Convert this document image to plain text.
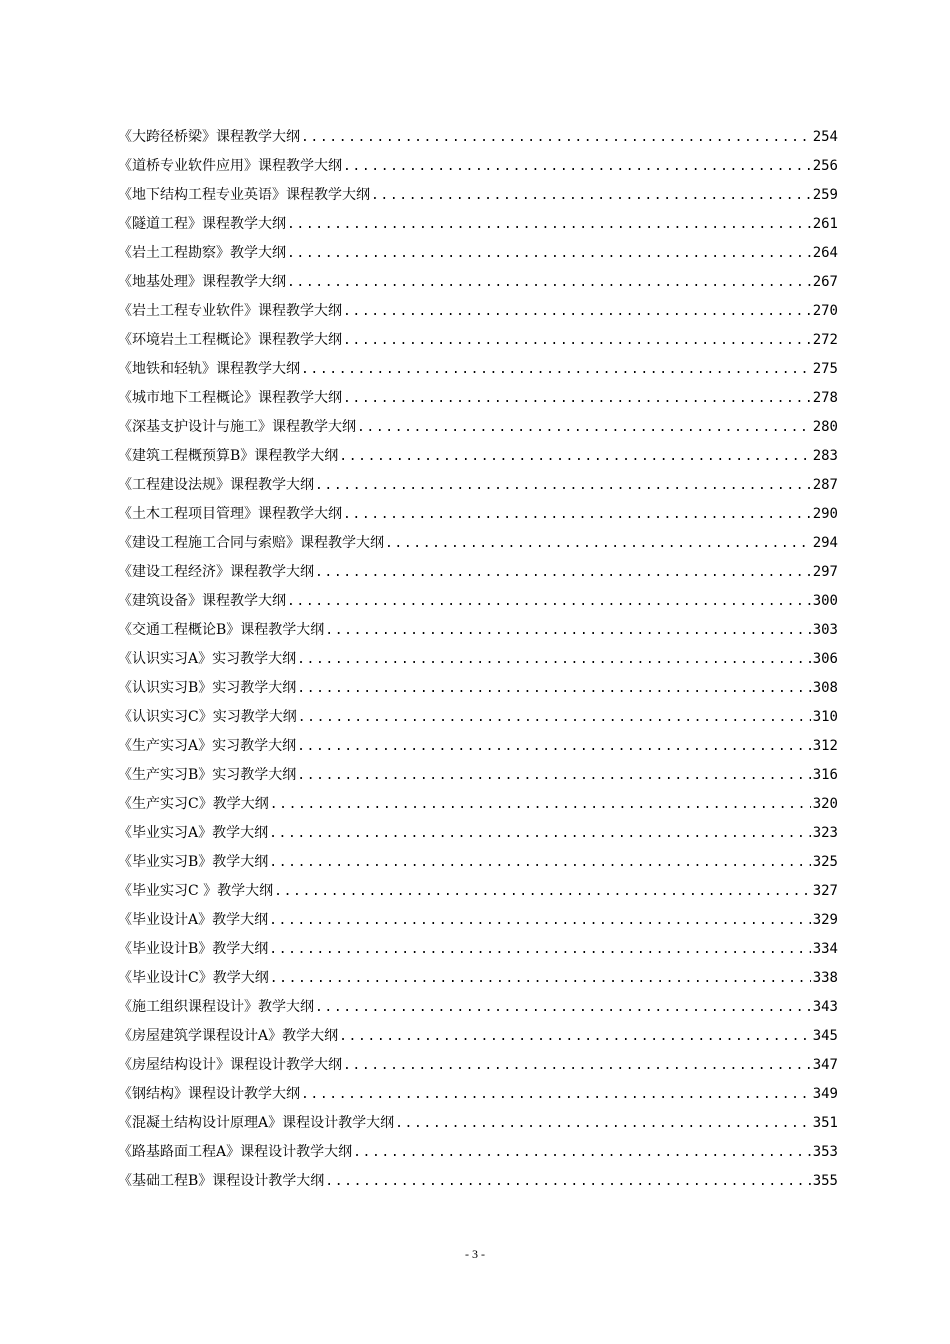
《大跨径桥梁》课程教学大纲 .....	254
《道桥专业软件应用》课程教学大纲 .....	256
《地下结构工程专业英语》课程教学大纲 .....	259
《隧道工程》课程教学大纲 .....	261
《岩土工程勘察》教学大纲 .....	264
《地基处理》课程教学大纲 .....	267
《岩土工程专业软件》课程教学大纲 .....	270
《环境岩土工程概论》课程教学大纲 .....	272
《地铁和轻轨》课程教学大纲 .....	275
《城市地下工程概论》课程教学大纲 .....	278
《深基支护设计与施工》课程教学大纲 .....	280
《建筑工程概预算B》课程教学大纲 .....	283
《工程建设法规》课程教学大纲 .....	287
《土木工程项目管理》课程教学大纲 .....	290
《建设工程施工合同与索赔》课程教学大纲 .....	294
《建设工程经济》课程教学大纲 .....	297
《建筑设备》课程教学大纲 .....	300
《交通工程概论B》课程教学大纲 .....	303
《认识实习A》实习教学大纲 .....	306
《认识实习B》实习教学大纲 .....	308
《认识实习C》实习教学大纲 .....	310
《生产实习A》实习教学大纲 .....	312
《生产实习B》实习教学大纲 .....	316
《生产实习C》教学大纲 .....	320
《毕业实习A》教学大纲 .....	323
《毕业实习B》教学大纲 .....	325
《毕业实习C 》教学大纲 .....	327
《毕业设计A》教学大纲 .....	329
《毕业设计B》教学大纲 .....	334
《毕业设计C》教学大纲 .....	338
《施工组织课程设计》教学大纲 .....	343
《房屋建筑学课程设计A》教学大纲 .....	345
《房屋结构设计》课程设计教学大纲 .....	347
《钢结构》课程设计教学大纲 .....	349
《混凝土结构设计原理A》课程设计教学大纲 .....	351
《路基路面工程A》课程设计教学大纲 .....	353
《基础工程B》课程设计教学大纲 .....	355
- 3 -
